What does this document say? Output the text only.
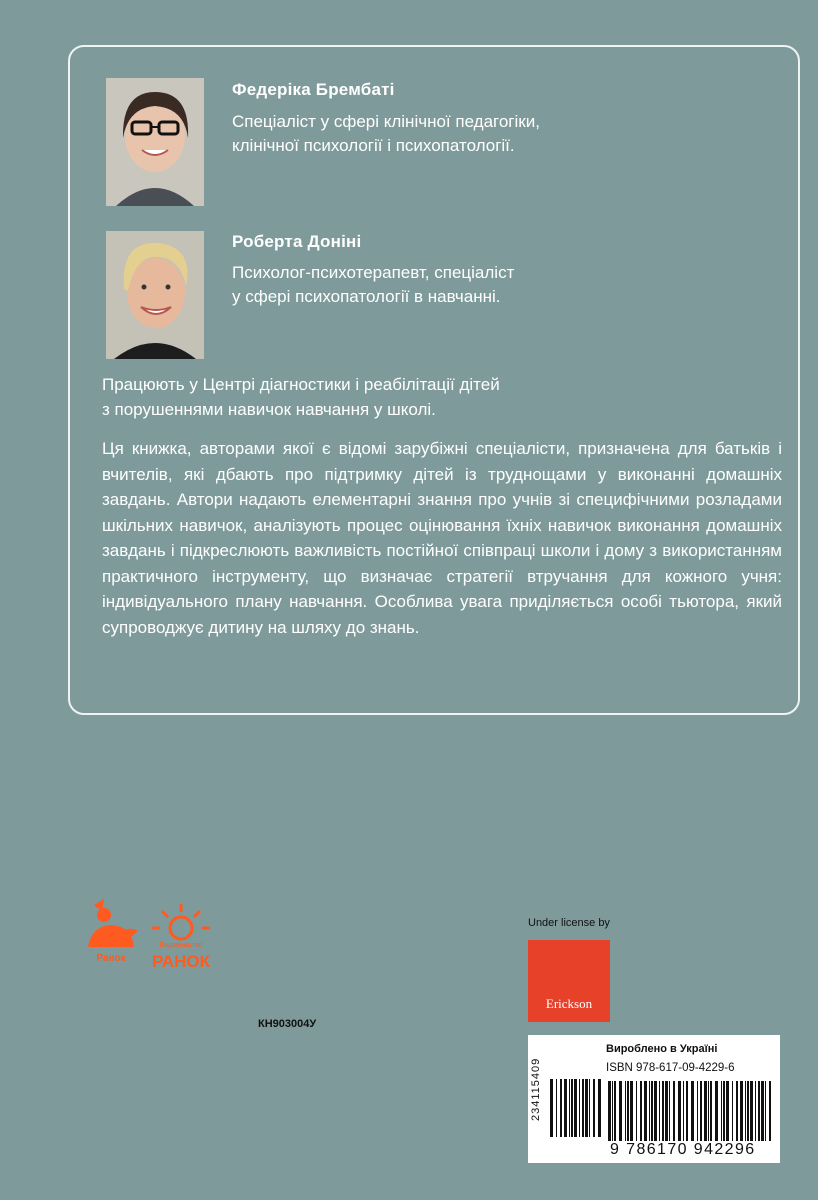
Федеріка Брембаті
Спеціаліст у сфері клінічної педагогіки,
клінічної психології і психопатології.
Роберта Доніні
Психолог-психотерапевт, спеціаліст
у сфері психопатології в навчанні.
Працюють у Центрі діагностики і реабілітації дітей
з порушеннями навичок навчання у школі.
Ця книжка, авторами якої є відомі зарубіжні спеціалісти, призначена для батьків і вчителів, які дбають про підтримку дітей із труднощами у виконанні домашніх завдань. Автори надають елементарні знання про учнів зі специфічними розладами шкільних навичок, аналізують процес оцінювання їхніх навичок виконання домашніх завдань і підкреслюють важливість постійної співпраці школи і дому з використанням практичного інструменту, що визначає стратегії втручання для кожного учня: індивідуального плану навчання. Особлива увага приділяється особі тьютора, який супроводжує дитину на шляху до знань.
Ранок
Видавництво
РАНОК
КН903004У
Under license by
Erickson
Вироблено в Україні
ISBN 978-617-09-4229-6
234115409
9 786170 942296
